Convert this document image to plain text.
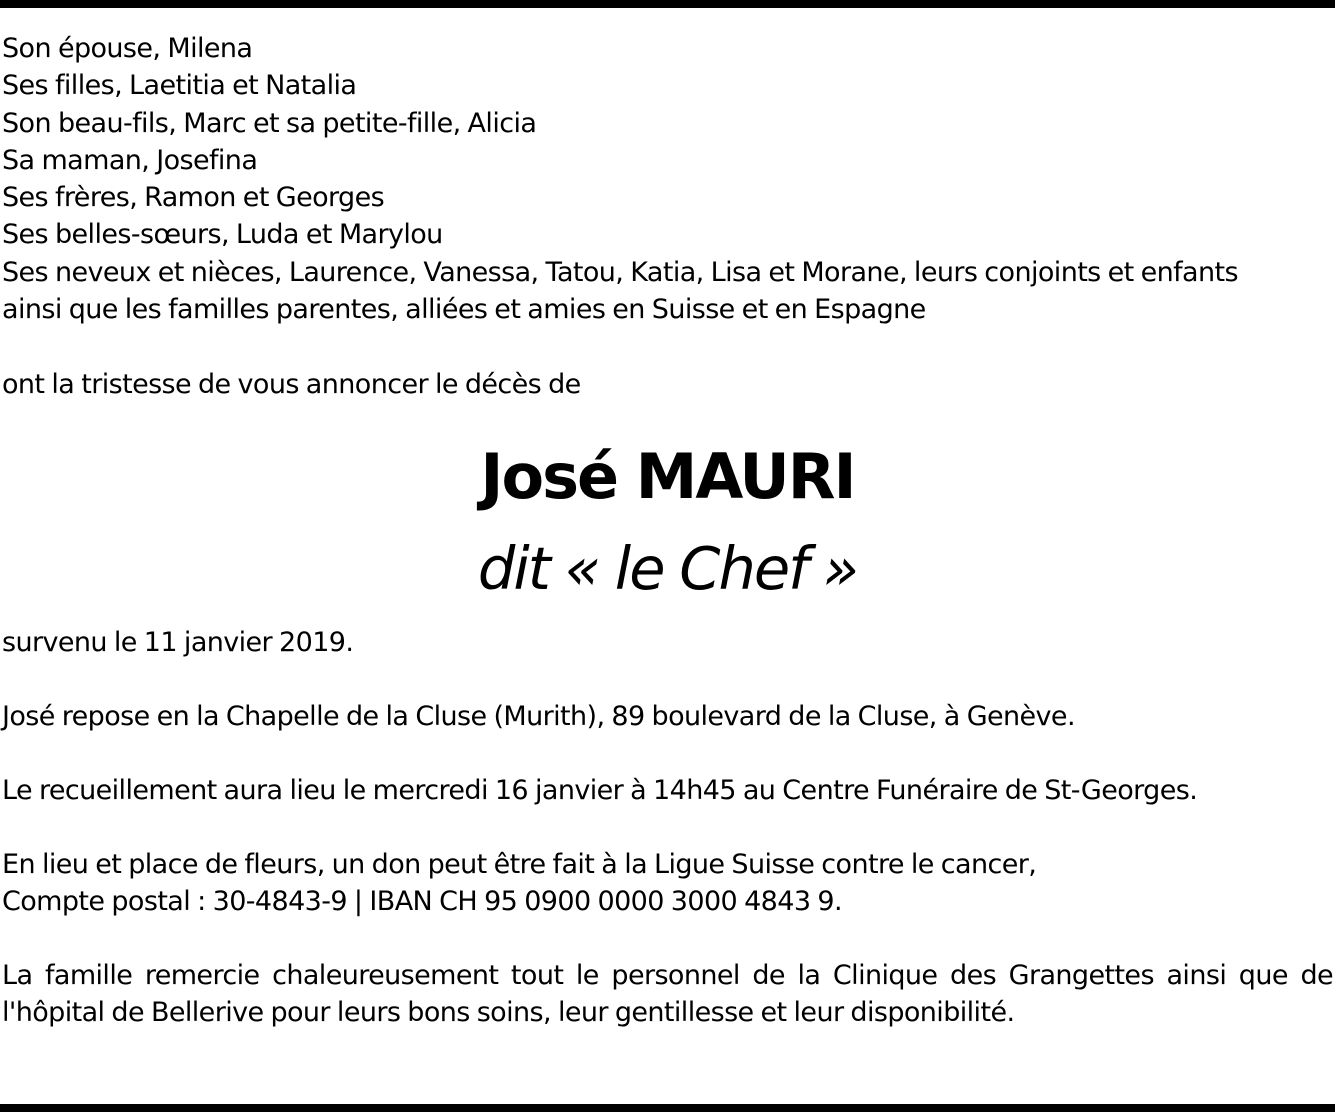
Son épouse, Milena
Ses filles, Laetitia et Natalia
Son beau-fils, Marc et sa petite-fille, Alicia
Sa maman, Josefina
Ses frères, Ramon et Georges
Ses belles-sœurs, Luda et Marylou
Ses neveux et nièces, Laurence, Vanessa, Tatou, Katia, Lisa et Morane, leurs conjoints et enfants
ainsi que les familles parentes, alliées et amies en Suisse et en Espagne
ont la tristesse de vous annoncer le décès de
José MAURI
dit « le Chef »
survenu le 11 janvier 2019.
José repose en la Chapelle de la Cluse (Murith), 89 boulevard de la Cluse, à Genève.
Le recueillement aura lieu le mercredi 16 janvier à 14h45 au Centre Funéraire de St-Georges.
En lieu et place de fleurs, un don peut être fait à la Ligue Suisse contre le cancer,
Compte postal : 30-4843-9 | IBAN CH 95 0900 0000 3000 4843 9.
La famille remercie chaleureusement tout le personnel de la Clinique des Grangettes ainsi que de l'hôpital de Bellerive pour leurs bons soins, leur gentillesse et leur disponibilité.
